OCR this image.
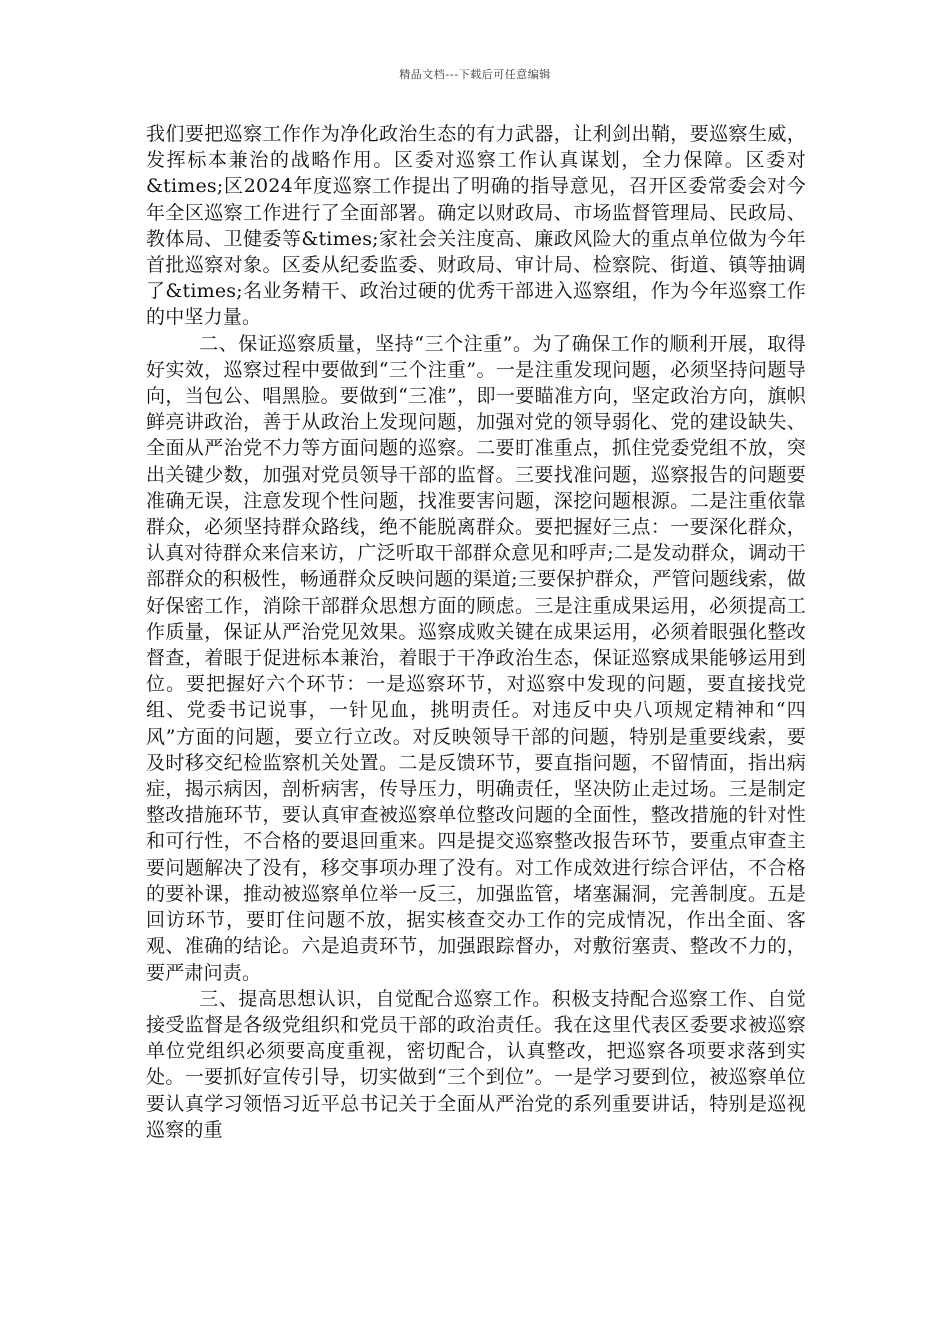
精品文档---下载后可任意编辑

我们要把巡察工作作为净化政治生态的有力武器，让利剑出鞘，要巡察生威，发挥标本兼治的战略作用。区委对巡察工作认真谋划，全力保障。区委对&times;区2024年度巡察工作提出了明确的指导意见，召开区委常委会对今年全区巡察工作进行了全面部署。确定以财政局、市场监督管理局、民政局、教体局、卫健委等&times;家社会关注度高、廉政风险大的重点单位做为今年首批巡察对象。区委从纪委监委、财政局、审计局、检察院、街道、镇等抽调了&times;名业务精干、政治过硬的优秀干部进入巡察组，作为今年巡察工作的中坚力量。

二、保证巡察质量，坚持“三个注重”。为了确保工作的顺利开展，取得好实效，巡察过程中要做到“三个注重”。一是注重发现问题，必须坚持问题导向，当包公、唱黑脸。要做到“三准”，即一要瞄准方向，坚定政治方向，旗帜鲜亮讲政治，善于从政治上发现问题，加强对党的领导弱化、党的建设缺失、全面从严治党不力等方面问题的巡察。二要盯准重点，抓住党委党组不放，突出关键少数，加强对党员领导干部的监督。三要找准问题，巡察报告的问题要准确无误，注意发现个性问题，找准要害问题，深挖问题根源。二是注重依靠群众，必须坚持群众路线，绝不能脱离群众。要把握好三点：一要深化群众，认真对待群众来信来访，广泛听取干部群众意见和呼声;二是发动群众，调动干部群众的积极性，畅通群众反映问题的渠道;三要保护群众，严管问题线索，做好保密工作，消除干部群众思想方面的顾虑。三是注重成果运用，必须提高工作质量，保证从严治党见效果。巡察成败关键在成果运用，必须着眼强化整改督查，着眼于促进标本兼治，着眼于干净政治生态，保证巡察成果能够运用到位。要把握好六个环节：一是巡察环节，对巡察中发现的问题，要直接找党组、党委书记说事，一针见血，挑明责任。对违反中央八项规定精神和“四风”方面的问题，要立行立改。对反映领导干部的问题，特别是重要线索，要及时移交纪检监察机关处置。二是反馈环节，要直指问题，不留情面，指出病症，揭示病因，剖析病害，传导压力，明确责任，坚决防止走过场。三是制定整改措施环节，要认真审查被巡察单位整改问题的全面性，整改措施的针对性和可行性，不合格的要退回重来。四是提交巡察整改报告环节，要重点审查主要问题解决了没有，移交事项办理了没有。对工作成效进行综合评估，不合格的要补课，推动被巡察单位举一反三，加强监管，堵塞漏洞，完善制度。五是回访环节，要盯住问题不放，据实核查交办工作的完成情况，作出全面、客观、准确的结论。六是追责环节，加强跟踪督办，对敷衍塞责、整改不力的，要严肃问责。

三、提高思想认识，自觉配合巡察工作。积极支持配合巡察工作、自觉接受监督是各级党组织和党员干部的政治责任。我在这里代表区委要求被巡察单位党组织必须要高度重视，密切配合，认真整改，把巡察各项要求落到实处。一要抓好宣传引导，切实做到“三个到位”。一是学习要到位，被巡察单位要认真学习领悟习近平总书记关于全面从严治党的系列重要讲话，特别是巡视巡察的重
